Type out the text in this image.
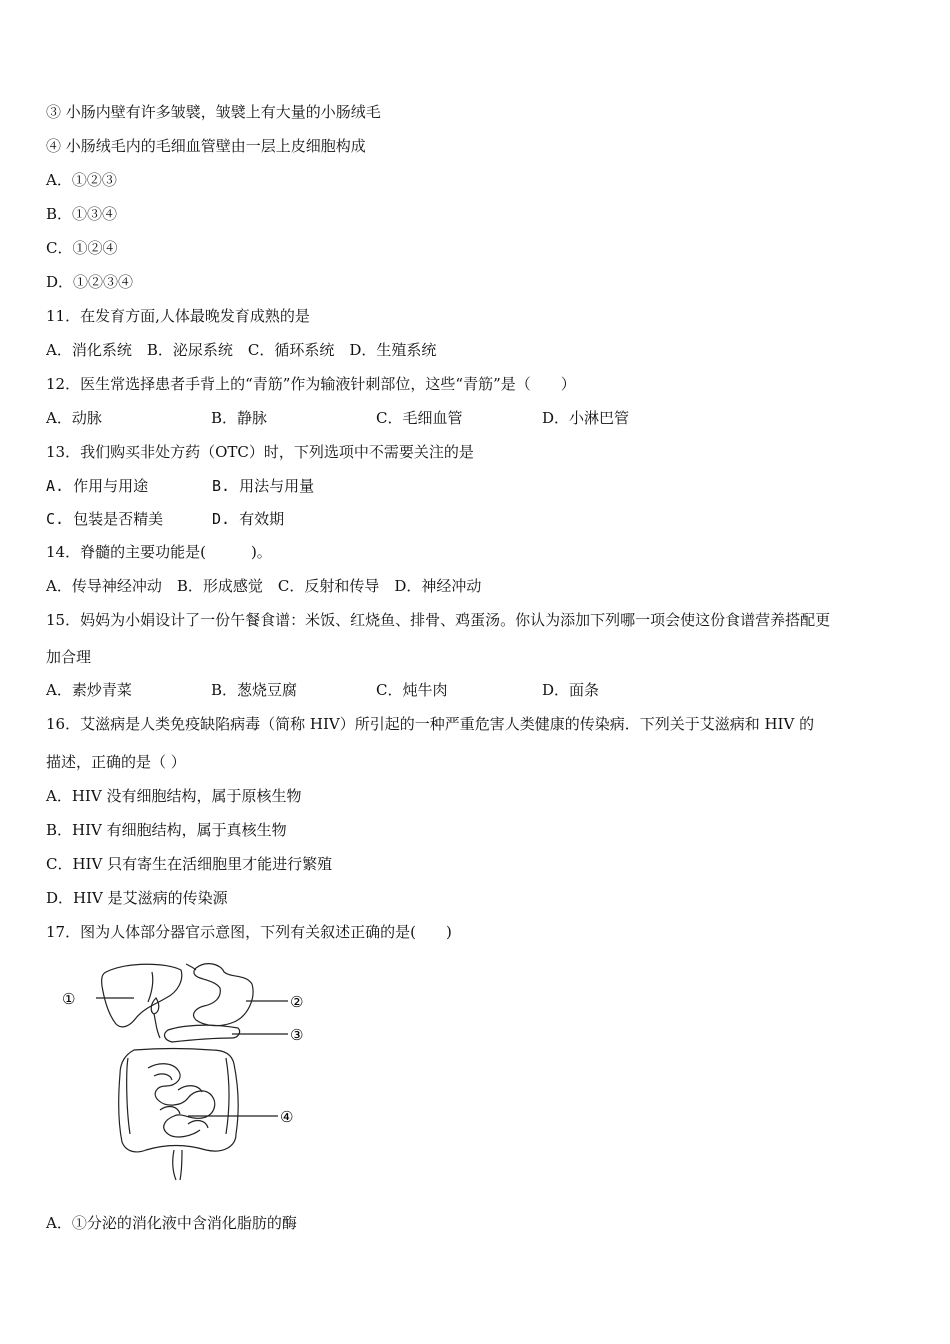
③ 小肠内壁有许多皱襞，皱襞上有大量的小肠绒毛
④ 小肠绒毛内的毛细血管壁由一层上皮细胞构成
A．①②③
B．①③④
C．①②④
D．①②③④
11．在发育方面,人体最晚发育成熟的是
A．消化系统　B．泌尿系统　C．循环系统　D．生殖系统
12．医生常选择患者手背上的“青筋”作为输液针刺部位，这些“青筋”是（　　）
A．动脉	B．静脉	C．毛细血管	D．小淋巴管
13．我们购买非处方药（OTC）时，下列选项中不需要关注的是
A. 作用与用途	B. 用法与用量
C. 包装是否精美	D. 有效期
14．脊髓的主要功能是(　　　)。
A．传导神经冲动　B．形成感觉　C．反射和传导　D．神经冲动
15．妈妈为小娟设计了一份午餐食谱：米饭、红烧鱼、排骨、鸡蛋汤。你认为添加下列哪一项会使这份食谱营养搭配更
加合理
A．素炒青菜	B．葱烧豆腐	C．炖牛肉	D．面条
16．艾滋病是人类免疫缺陷病毒（简称 HIV）所引起的一种严重危害人类健康的传染病．下列关于艾滋病和 HIV 的
描述，正确的是（ ）
A．HIV 没有细胞结构，属于原核生物
B．HIV 有细胞结构，属于真核生物
C．HIV 只有寄生在活细胞里才能进行繁殖
D．HIV 是艾滋病的传染源
17．图为人体部分器官示意图，下列有关叙述正确的是(　　)
①	②
③
④
A．①分泌的消化液中含消化脂肪的酶
